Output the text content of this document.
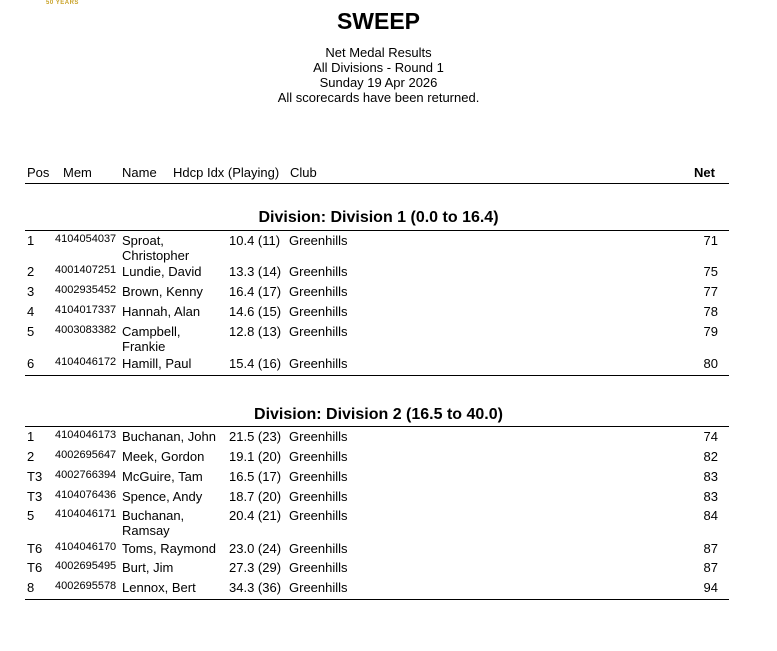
50 YEARS
SWEEP
Net Medal Results
All Divisions - Round 1
Sunday 19 Apr 2026
All scorecards have been returned.
Pos Mem Name Hdcp Idx (Playing) Club	Net
Division: Division 1 (0.0 to 16.4)
1 4104054037 Sproat, Christopher
10.4 (11) Greenhills	71
2 4001407251 Lundie, David	13.3 (14) Greenhills	75
3 4002935452 Brown, Kenny	16.4 (17) Greenhills	77
4 4104017337 Hannah, Alan	14.6 (15) Greenhills	78
5 4003083382 Campbell, Frankie
12.8 (13) Greenhills	79
6 4104046172 Hamill, Paul	15.4 (16) Greenhills	80
Division: Division 2 (16.5 to 40.0)
1 4104046173 Buchanan, John	21.5 (23) Greenhills	74
2 4002695647 Meek, Gordon	19.1 (20) Greenhills	82
T3 4002766394 McGuire, Tam	16.5 (17) Greenhills	83
T3 4104076436 Spence, Andy	18.7 (20) Greenhills	83
5 4104046171 Buchanan, Ramsay
20.4 (21) Greenhills	84
T6 4104046170 Toms, Raymond	23.0 (24) Greenhills	87
T6 4002695495 Burt, Jim	27.3 (29) Greenhills	87
8 4002695578 Lennox, Bert	34.3 (36) Greenhills	94
